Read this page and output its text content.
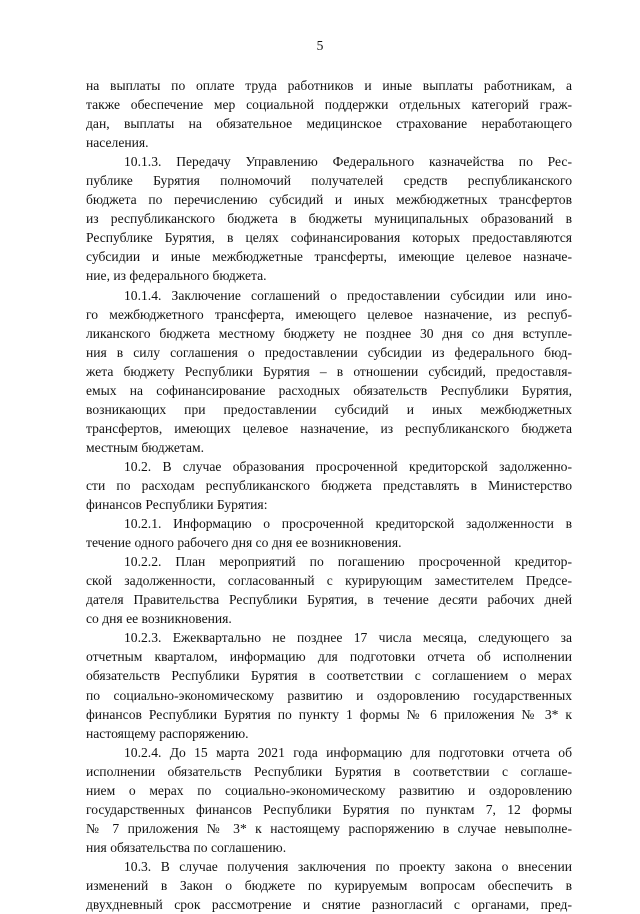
5
на выплаты по оплате труда работников и иные выплаты работникам, а
также обеспечение мер социальной поддержки отдельных категорий граж-
дан, выплаты на обязательное медицинское страхование неработающего
населения.
10.1.3. Передачу Управлению Федерального казначейства по Рес-
публике Бурятия полномочий получателей средств республиканского
бюджета по перечислению субсидий и иных межбюджетных трансфертов
из республиканского бюджета в бюджеты муниципальных образований в
Республике Бурятия, в целях софинансирования которых предоставляются
субсидии и иные межбюджетные трансферты, имеющие целевое назначе-
ние, из федерального бюджета.
10.1.4. Заключение соглашений о предоставлении субсидии или ино-
го межбюджетного трансферта, имеющего целевое назначение, из респуб-
ликанского бюджета местному бюджету не позднее 30 дня со дня вступле-
ния в силу соглашения о предоставлении субсидии из федерального бюд-
жета бюджету Республики Бурятия – в отношении субсидий, предоставля-
емых на софинансирование расходных обязательств Республики Бурятия,
возникающих при предоставлении субсидий и иных межбюджетных
трансфертов, имеющих целевое назначение, из республиканского бюджета
местным бюджетам.
10.2. В случае образования просроченной кредиторской задолженно-
сти по расходам республиканского бюджета представлять в Министерство
финансов Республики Бурятия:
10.2.1. Информацию о просроченной кредиторской задолженности в
течение одного рабочего дня со дня ее возникновения.
10.2.2. План мероприятий по погашению просроченной кредитор-
ской задолженности, согласованный с курирующим заместителем Предсе-
дателя Правительства Республики Бурятия, в течение десяти рабочих дней
со дня ее возникновения.
10.2.3. Ежеквартально не позднее 17 числа месяца, следующего за
отчетным кварталом, информацию для подготовки отчета об исполнении
обязательств Республики Бурятия в соответствии с соглашением о мерах
по социально-экономическому развитию и оздоровлению государственных
финансов Республики Бурятия по пункту 1 формы № 6 приложения № 3* к
настоящему распоряжению.
10.2.4. До 15 марта 2021 года информацию для подготовки отчета об
исполнении обязательств Республики Бурятия в соответствии с соглаше-
нием о мерах по социально-экономическому развитию и оздоровлению
государственных финансов Республики Бурятия по пунктам 7, 12 формы
№ 7 приложения № 3* к настоящему распоряжению в случае невыполне-
ния обязательства по соглашению.
10.3. В случае получения заключения по проекту закона о внесении
изменений в Закон о бюджете по курируемым вопросам обеспечить в
двухдневный срок рассмотрение и снятие разногласий с органами, пред-
